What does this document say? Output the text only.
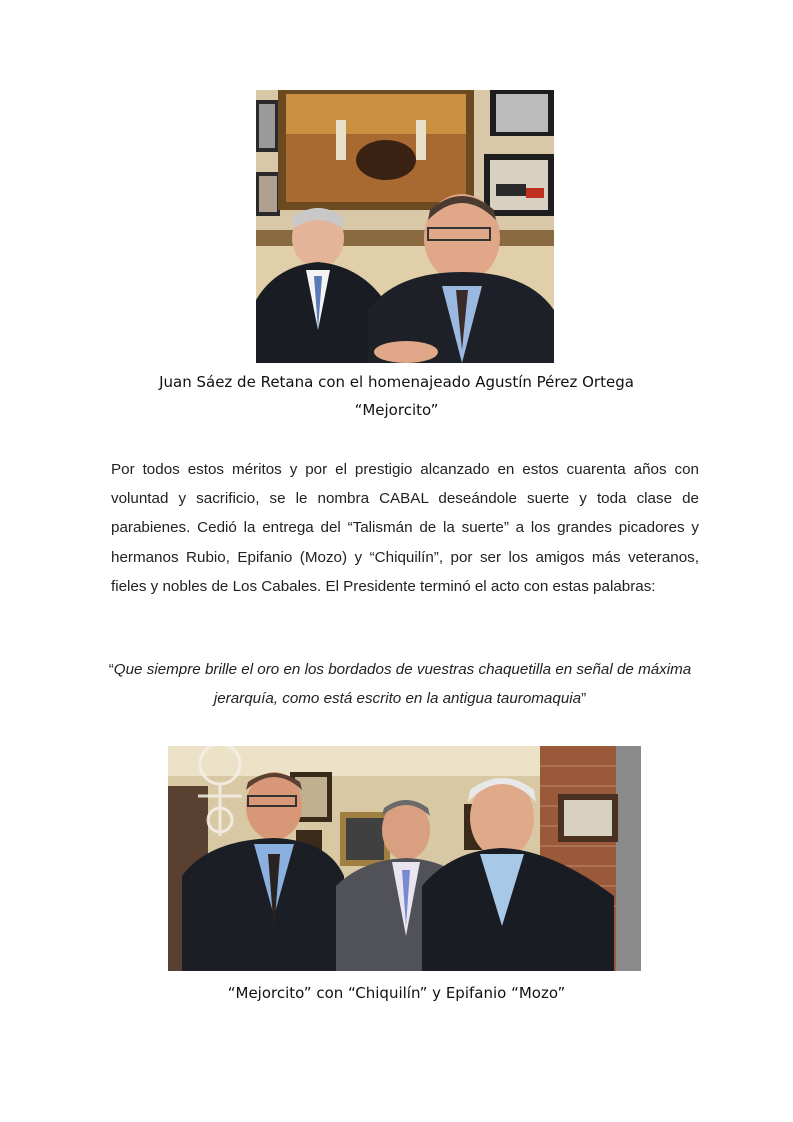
Juan Sáez de Retana con el homenajeado Agustín Pérez Ortega
“Mejorcito”
Por todos estos méritos y por el prestigio alcanzado en estos cuarenta años con voluntad y sacrificio, se le nombra CABAL deseándole suerte y toda clase de parabienes. Cedió la entrega del “Talismán de la suerte” a los grandes picadores y hermanos Rubio, Epifanio (Mozo) y “Chiquilín”, por ser los amigos más veteranos, fieles y nobles de Los Cabales. El Presidente terminó el acto con estas palabras:
“Que siempre brille el oro en los bordados de vuestras chaquetilla en señal de máxima jerarquía, como está escrito en la antigua tauromaquia”
“Mejorcito” con “Chiquilín” y Epifanio “Mozo”
